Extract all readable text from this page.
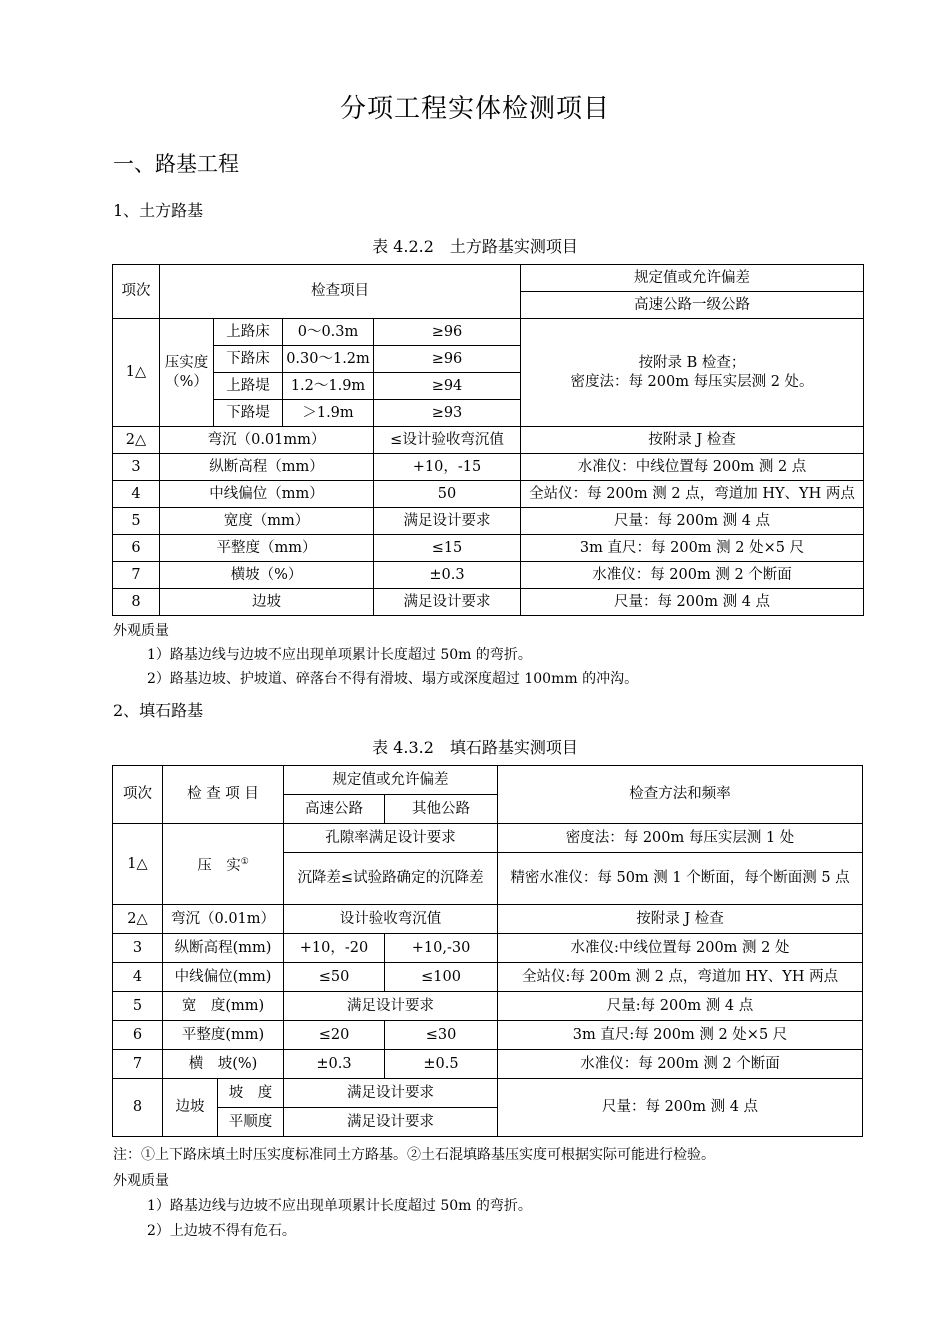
分项工程实体检测项目
一、路基工程
1、土方路基
表 4.2.2　土方路基实测项目
项次	检查项目				规定值或允许偏差	
					高速公路一级公路	
1△	压实度（%）	上路床	0～0.3m	≥96	按附录 B 检查；
密度法：每 200m 每压实层测 2 处。	

		下路床	0.30～1.2m	≥96		
		上路堤	1.2～1.9m	≥94		
		下路堤	＞1.9m	≥93		
2△	弯沉（0.01mm）			≤设计验收弯沉值	按附录 J 检查	
3	纵断高程（mm）			+10，-15	水准仪：中线位置每 200m 测 2 点	
4	中线偏位（mm）			50	全站仪：每 200m 测 2 点，弯道加 HY、YH 两点	
5	宽度（mm）			满足设计要求	尺量：每 200m 测 4 点	
6	平整度（mm）			≤15	3m 直尺：每 200m 测 2 处×5 尺	
7	横坡（%）			±0.3	水准仪：每 200m 测 2 个断面	
8	边坡			满足设计要求	尺量：每 200m 测 4 点	
外观质量
1）路基边线与边坡不应出现单项累计长度超过 50m 的弯折。
2）路基边坡、护坡道、碎落台不得有滑坡、塌方或深度超过 100mm 的冲沟。
2、填石路基
表 4.3.2　填石路基实测项目
项次	检 查 项 目		规定值或允许偏差		检查方法和频率
			高速公路	其他公路	
1△	压　实①		孔隙率满足设计要求		密度法：每 200m 每压实层测 1 处
			沉降差≤试验路确定的沉降差		精密水准仪：每 50m 测 1 个断面，每个断面测 5 点
2△	弯沉（0.01m）		设计验收弯沉值		按附录 J 检查
3	纵断高程(mm)		+10，-20	+10,-30	水准仪:中线位置每 200m 测 2 处
4	中线偏位(mm)		≤50	≤100	全站仪:每 200m 测 2 点，弯道加 HY、YH 两点
5	宽　度(mm)		满足设计要求		尺量:每 200m 测 4 点
6	平整度(mm)		≤20	≤30	3m 直尺:每 200m 测 2 处×5 尺
7	横　坡(%)		±0.3	±0.5	水准仪：每 200m 测 2 个断面
8	边坡	坡　度	满足设计要求		尺量：每 200m 测 4 点
		平顺度	满足设计要求		
注：①上下路床填土时压实度标准同土方路基。②土石混填路基压实度可根据实际可能进行检验。
外观质量
1）路基边线与边坡不应出现单项累计长度超过 50m 的弯折。
2）上边坡不得有危石。
